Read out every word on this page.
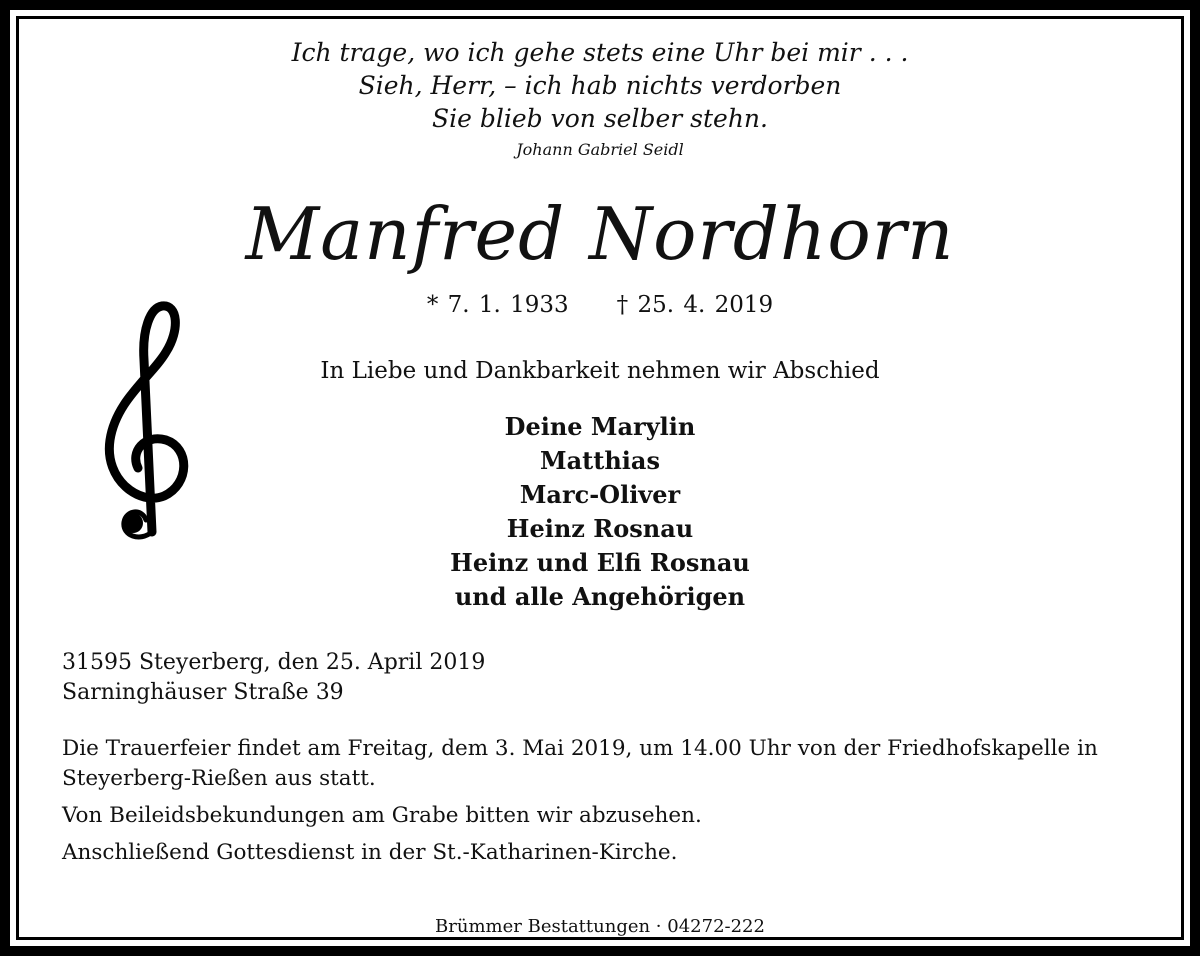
Ich trage, wo ich gehe stets eine Uhr bei mir . . .
Sieh, Herr, – ich hab nichts verdorben
Sie blieb von selber stehn.
Johann Gabriel Seidl
Manfred Nordhorn
* 7. 1. 1933 † 25. 4. 2019
In Liebe und Dankbarkeit nehmen wir Abschied
Deine Marylin
Matthias
Marc-Oliver
Heinz Rosnau
Heinz und Elfi Rosnau
und alle Angehörigen
31595 Steyerberg, den 25. April 2019
Sarninghäuser Straße 39

Die Trauerfeier findet am Freitag, dem 3. Mai 2019, um 14.00 Uhr von der Friedhofskapelle in Steyerberg-Rießen aus statt.

Von Beileidsbekundungen am Grabe bitten wir abzusehen.

Anschließend Gottesdienst in der St.-Katharinen-Kirche.

Brümmer Bestattungen · 04272-222
